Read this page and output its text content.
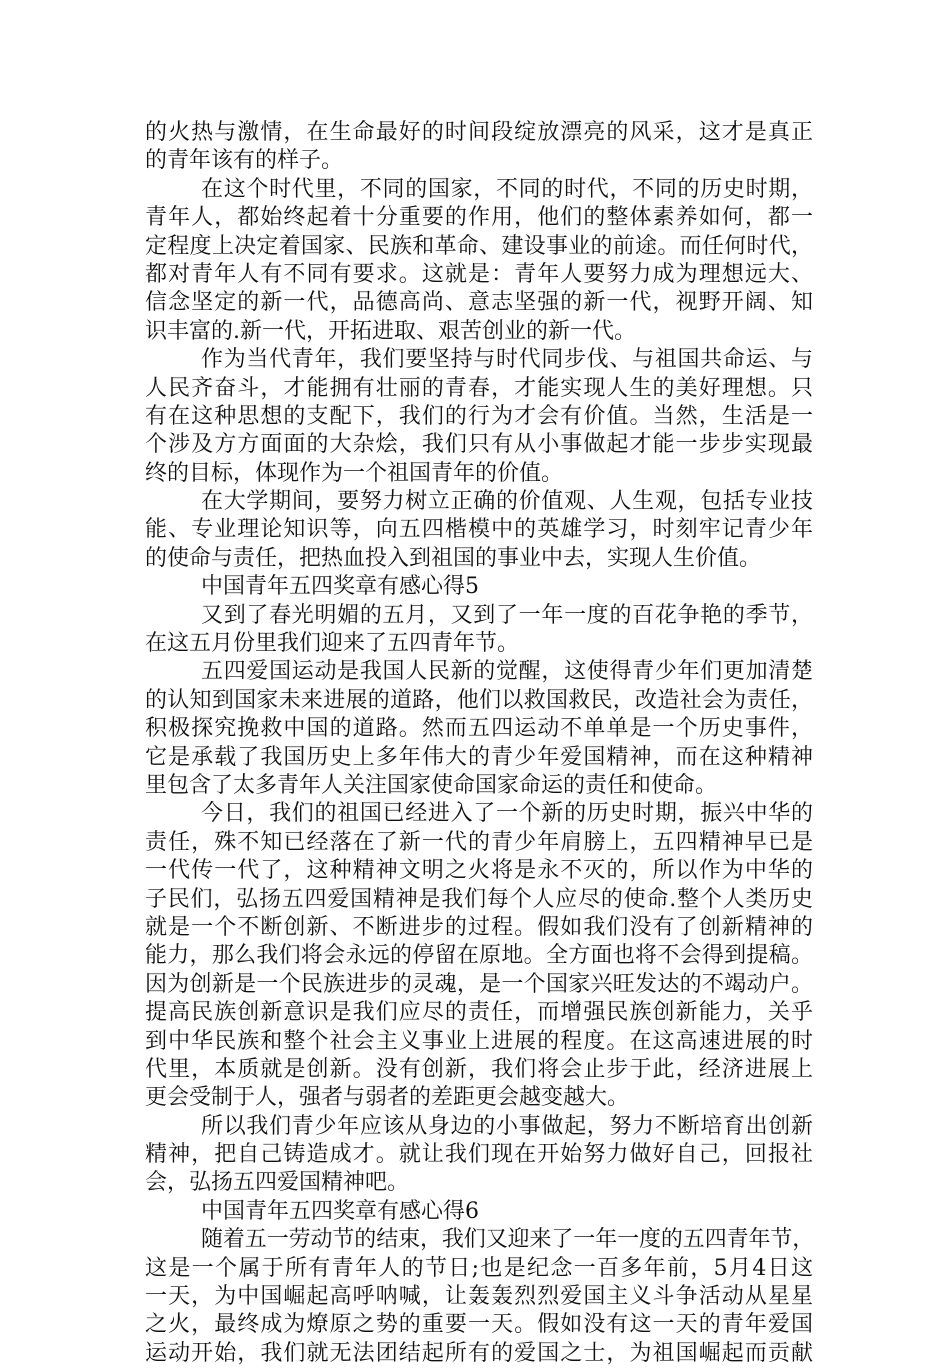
的火热与激情，在生命最好的时间段绽放漂亮的风采，这才是真正
的青年该有的样子。
在这个时代里，不同的国家，不同的时代，不同的历史时期，
青年人，都始终起着十分重要的作用，他们的整体素养如何，都一
定程度上决定着国家、民族和革命、建设事业的前途。而任何时代，
都对青年人有不同有要求。这就是：青年人要努力成为理想远大、
信念坚定的新一代，品德高尚、意志坚强的新一代，视野开阔、知
识丰富的.新一代，开拓进取、艰苦创业的新一代。
作为当代青年，我们要坚持与时代同步伐、与祖国共命运、与
人民齐奋斗，才能拥有壮丽的青春，才能实现人生的美好理想。只
有在这种思想的支配下，我们的行为才会有价值。当然，生活是一
个涉及方方面面的大杂烩，我们只有从小事做起才能一步步实现最
终的目标，体现作为一个祖国青年的价值。
在大学期间，要努力树立正确的价值观、人生观，包括专业技
能、专业理论知识等，向五四楷模中的英雄学习，时刻牢记青少年
的使命与责任，把热血投入到祖国的事业中去，实现人生价值。
中国青年五四奖章有感心得5
又到了春光明媚的五月，又到了一年一度的百花争艳的季节，
在这五月份里我们迎来了五四青年节。
五四爱国运动是我国人民新的觉醒，这使得青少年们更加清楚
的认知到国家未来进展的道路，他们以救国救民，改造社会为责任，
积极探究挽救中国的道路。然而五四运动不单单是一个历史事件，
它是承载了我国历史上多年伟大的青少年爱国精神，而在这种精神
里包含了太多青年人关注国家使命国家命运的责任和使命。
今日，我们的祖国已经进入了一个新的历史时期，振兴中华的
责任，殊不知已经落在了新一代的青少年肩膀上，五四精神早已是
一代传一代了，这种精神文明之火将是永不灭的，所以作为中华的
子民们，弘扬五四爱国精神是我们每个人应尽的使命.整个人类历史
就是一个不断创新、不断进步的过程。假如我们没有了创新精神的
能力，那么我们将会永远的停留在原地。全方面也将不会得到提稿。
因为创新是一个民族进步的灵魂，是一个国家兴旺发达的不竭动户。
提高民族创新意识是我们应尽的责任，而增强民族创新能力，关乎
到中华民族和整个社会主义事业上进展的程度。在这高速进展的时
代里，本质就是创新。没有创新，我们将会止步于此，经济进展上
更会受制于人，强者与弱者的差距更会越变越大。
所以我们青少年应该从身边的小事做起，努力不断培育出创新
精神，把自己铸造成才。就让我们现在开始努力做好自己，回报社
会，弘扬五四爱国精神吧。
中国青年五四奖章有感心得6
随着五一劳动节的结束，我们又迎来了一年一度的五四青年节，
这是一个属于所有青年人的节日;也是纪念一百多年前，5月4日这
一天，为中国崛起高呼呐喊，让轰轰烈烈爱国主义斗争活动从星星
之火，最终成为燎原之势的重要一天。假如没有这一天的青年爱国
运动开始，我们就无法团结起所有的爱国之士，为祖国崛起而贡献
